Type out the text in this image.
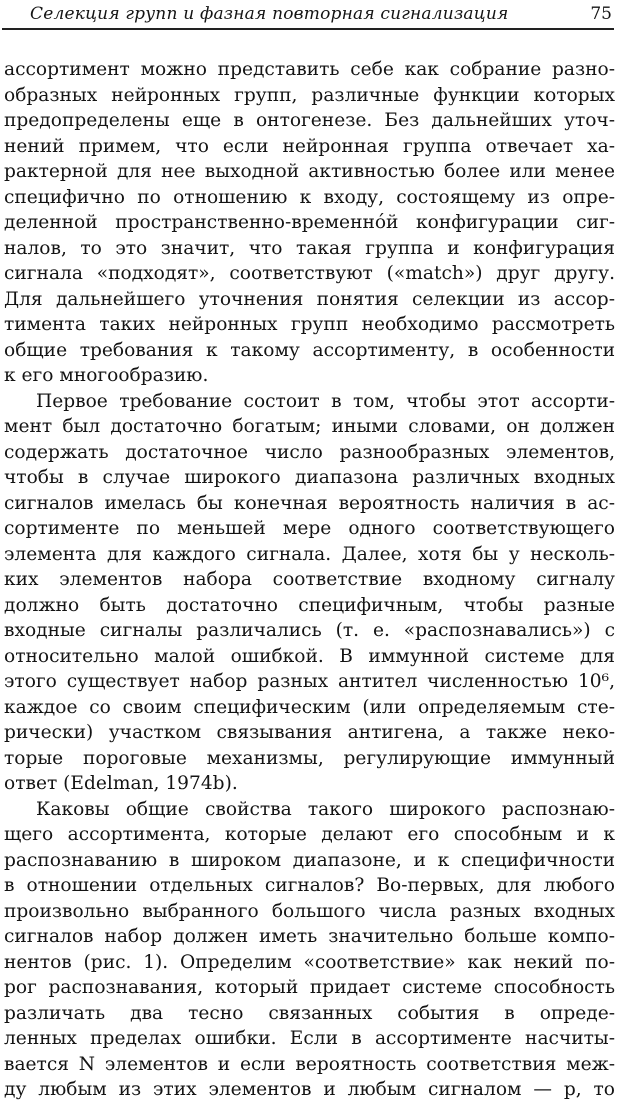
Селекция групп и фазная повторная сигнализация	75
ассортимент можно представить себе как собрание разно-
образных нейронных групп, различные функции которых
предопределены еще в онтогенезе. Без дальнейших уточ-
нений примем, что если нейронная группа отвечает ха-
рактерной для нее выходной активностью более или менее
специфично по отношению к входу, состоящему из опре-
деленной пространственно-временнóй конфигурации сиг-
налов, то это значит, что такая группа и конфигурация
сигнала «подходят», соответствуют («match») друг другу.
Для дальнейшего уточнения понятия селекции из ассор-
тимента таких нейронных групп необходимо рассмотреть
общие требования к такому ассортименту, в особенности
к его многообразию.
Первое требование состоит в том, чтобы этот ассорти-
мент был достаточно богатым; иными словами, он должен
содержать достаточное число разнообразных элементов,
чтобы в случае широкого диапазона различных входных
сигналов имелась бы конечная вероятность наличия в ас-
сортименте по меньшей мере одного соответствующего
элемента для каждого сигнала. Далее, хотя бы у несколь-
ких элементов набора соответствие входному сигналу
должно быть достаточно специфичным, чтобы разные
входные сигналы различались (т. е. «распознавались») с
относительно малой ошибкой. В иммунной системе для
этого существует набор разных антител численностью 10⁶,
каждое со своим специфическим (или определяемым сте-
рически) участком связывания антигена, а также неко-
торые пороговые механизмы, регулирующие иммунный
ответ (Edelman, 1974b).
Каковы общие свойства такого широкого распознаю-
щего ассортимента, которые делают его способным и к
распознаванию в широком диапазоне, и к специфичности
в отношении отдельных сигналов? Во-первых, для любого
произвольно выбранного большого числа разных входных
сигналов набор должен иметь значительно больше компо-
нентов (рис. 1). Определим «соответствие» как некий по-
рог распознавания, который придает системе способность
различать два тесно связанных события в опреде-
ленных пределах ошибки. Если в ассортименте насчиты-
вается N элементов и если вероятность соответствия меж-
ду любым из этих элементов и любым сигналом — p, то
